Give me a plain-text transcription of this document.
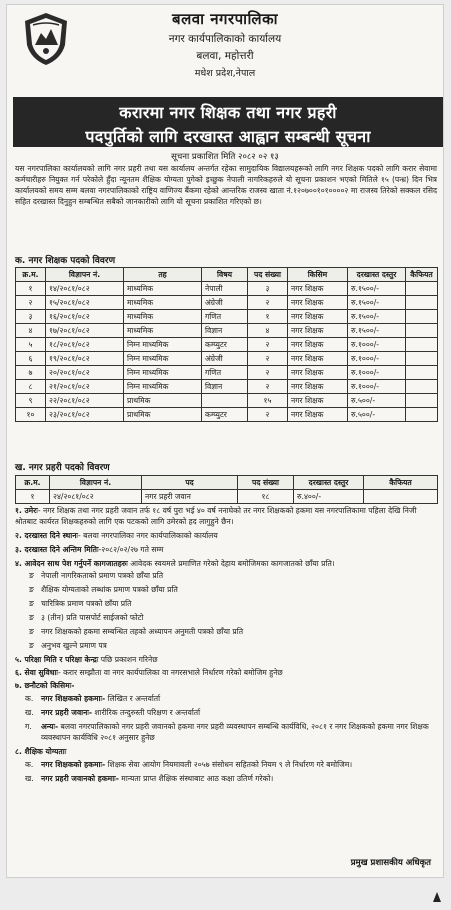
बलवा नगरपालिका
नगर कार्यपालिकाको कार्यालय
बलवा, महोत्तरी
मधेश प्रदेश,नेपाल
करारमा नगर शिक्षक तथा नगर प्रहरी
पदपुर्तिको लागि दरखास्त आह्वान सम्बन्धी सूचना
सूचना प्रकाशित मिति २०८२ ०२ १३
यस नगरपालिका कार्यालयको लागि नगर प्रहरी तथा यस कार्यालय अन्तर्गत रहेका सामुदायिक विद्यालयहरूको लागि नगर शिक्षक पदको लागि करार सेवामा कर्मचारीहरु नियुक्त गर्न परेकोले हुँदा न्यूनतम शैक्षिक योग्यता पुगेको इच्छुक नेपाली नागरिकहरुले यो सूचना प्रकाशन भएको मितिले १५ (पन्ध्र) दिन भित्र कार्यालयको समय सम्म बलवा नगरपालिकाको राष्ट्रिय वाणिज्य बैंकमा रहेको आन्तरिक राजस्व खाता नं.१२०७००१०१००००२ मा राजस्व तिरेको सक्कल रसिद सहित दरखास्त दिनुहुन सम्बन्धित सबैको जानकारीको लागि यो सूचना प्रकाशित गरिएको छ।
क. नगर शिक्षक पदको विवरण
क्र.म.	विज्ञापन नं.	तह	विषय	पद संख्या	किसिम	दरखास्त दस्तुर	कैफियत
१	१४/२०८१/०८२	माध्यमिक	नेपाली	३	नगर शिक्षक	रु.१५००/-	
२	१५/२०८१/०८२	माध्यमिक	अंग्रेजी	२	नगर शिक्षक	रु.१५००/-	
३	१६/२०८१/०८२	माध्यमिक	गणित	१	नगर शिक्षक	रु.१५००/-	
४	१७/२०८१/०८२	माध्यमिक	विज्ञान	४	नगर शिक्षक	रु.१५००/-	
५	१८/२०८१/०८२	निम्न माध्यमिक	कम्प्युटर	२	नगर शिक्षक	रु.१०००/-	
६	१९/२०८१/०८२	निम्न माध्यमिक	अंग्रेजी	२	नगर शिक्षक	रु.१०००/-	
७	२०/२०८१/०८२	निम्न माध्यमिक	गणित	२	नगर शिक्षक	रु.१०००/-	
८	२१/२०८१/०८२	निम्न माध्यमिक	विज्ञान	२	नगर शिक्षक	रु.१०००/-	
९	२२/२०८१/०८२	प्राथमिक		१५	नगर शिक्षक	रु.५००/-	
१०	२३/२०८१/०८२	प्राथमिक	कम्प्युटर	२	नगर शिक्षक	रु.५००/-	
ख. नगर प्रहरी पदको विवरण
क्र.म.	विज्ञापन नं.	पद	पद संख्या	दरखास्त दस्तुर	कैफियत
१	२४/२०८१/०८२	नगर प्रहरी जवान	१८	रु.४००/-	
१. उमेरः- नगर शिक्षक तथा नगर प्रहरी जवान तर्फ १८ वर्ष पुरा भई ४० वर्ष ननाघेको तर नगर शिक्षकको हकमा यस नगरपालिकामा पहिला देखि निजी श्रोतबाट कार्यरत शिक्षकहरुको लागि एक पटकको लागि उमेरको हद लागुहुने छैन।
२. दरखास्त दिने स्थानः- बलवा नगरपालिका नगर कार्यपालिकाको कार्यालय
३. दरखास्त दिने अन्तिम मितिः-२०८२/०२/२७ गते सम्म
४. आवेदन साथ पेश गर्नुपर्ने कागजातहरुः आवेदक स्वयमले प्रमाणित गरेको देहाय बमोजिमका कागजातको छाँया प्रति।
ङ नेपाली नागरिकताको प्रमाण पत्रको छाँया प्रति
ङ शैक्षिक योग्यताको लब्धांक प्रमाण पत्रको छाँया प्रति
ङ चारित्रिक प्रमाण पत्रको छाँया प्रति
ङ ३ (तीन) प्रति पासपोर्ट साईजको फोटो
ङ नगर शिक्षकको हकमा सम्बन्धित तहको अध्यापन अनुमती पत्रको छाँया प्रति
ङ अनुभव खुल्ने प्रमाण पत्र
५. परिक्षा मिति र परिक्षा केन्द्रः पछि प्रकाशन गरिनेछ
६. सेवा सुविधाः- करार सम्झौता वा नगर कार्यपालिका वा नगरसभाले निर्धारण गरेको बमोजिम हुनेछ
७. छनौटको किसिमः-
क. नगर शिक्षकको हकमाः- लिखित र अन्तर्वार्ता
ख. नगर प्रहरी जवानः- शारीरिक तन्दुरुस्ती परिक्षण र अन्तर्वार्ता
ग. अन्यः- बलवा नगरपालिकाको नगर प्रहरी जवानको हकमा नगर प्रहरी व्यवस्थापन सम्बन्धि कार्यविधि, २०८१ र नगर शिक्षकको हकमा नगर शिक्षक व्यवस्थापन कार्यविधि २०८१ अनुसार हुनेछ
८. शैक्षिक योग्यताः
क. नगर शिक्षकको हकमाः- शिक्षक सेवा आयोग नियमावली २०५७ संसोधन सहितको नियम ९ ले निर्धारण गरे बमोजिम।
ख. नगर प्रहरी जवानको हकमाः- मान्यता प्राप्त शैक्षिक संस्थाबाट आठ कक्षा उतिर्ण गरेको।
प्रमुख प्रशासकीय अधिकृत
